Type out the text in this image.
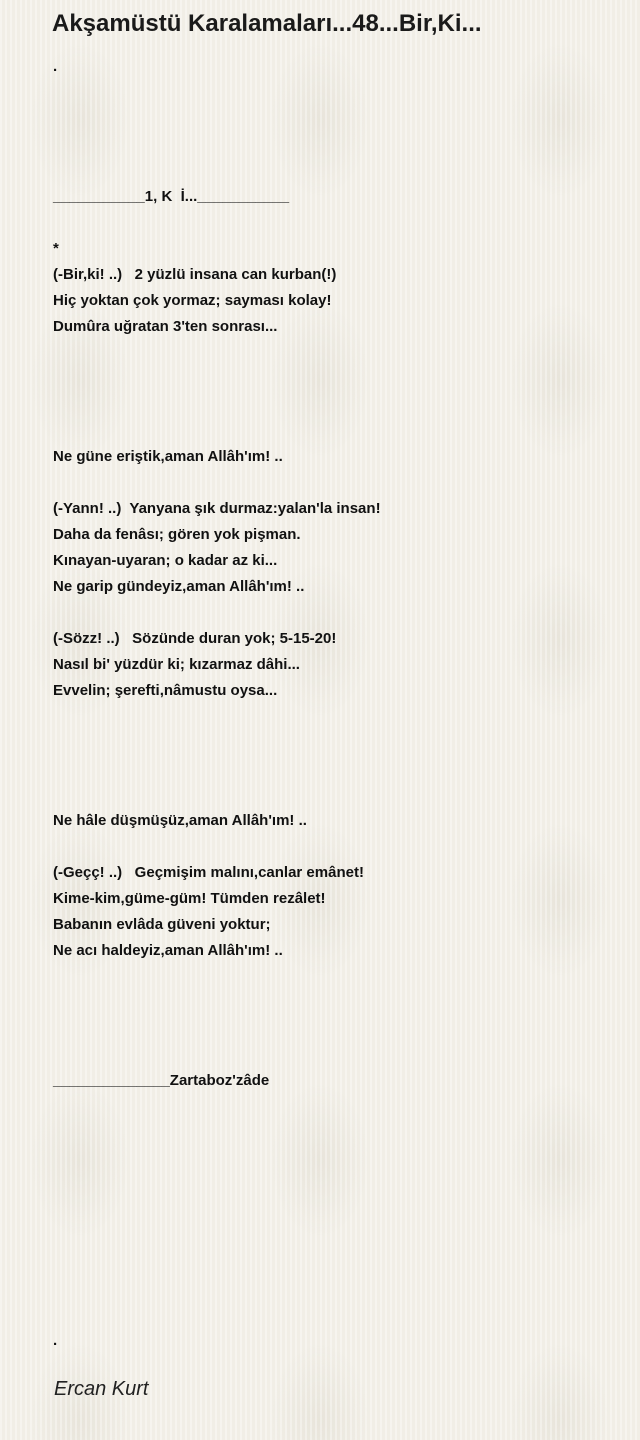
Akşamüstü Karalamaları...48...Bir,Ki...
.
___________1, K  İ...___________
*
(-Bir,ki! ..)   2 yüzlü insana can kurban(!)
Hiç yoktan çok yormaz; sayması kolay!
Dumûra uğratan 3'ten sonrası...
Ne güne eriştik,aman Allâh'ım! ..
(-Yann! ..)  Yanyana şık durmaz:yalan'la insan!
Daha da fenâsı; gören yok pişman.
Kınayan-uyaran; o kadar az ki...
Ne garip gündeyiz,aman Allâh'ım! ..
(-Sözz! ..)   Sözünde duran yok; 5-15-20!
Nasıl bi' yüzdür ki; kızarmaz dâhi...
Evvelin; şerefti,nâmustu oysa...
Ne hâle düşmüşüz,aman Allâh'ım! ..
(-Geçç! ..)   Geçmişim malını,canlar emânet!
Kime-kim,güme-güm! Tümden rezâlet!
Babanın evlâda güveni yoktur;
Ne acı haldeyiz,aman Allâh'ım! ..
______________Zartaboz'zâde
.
Ercan Kurt
